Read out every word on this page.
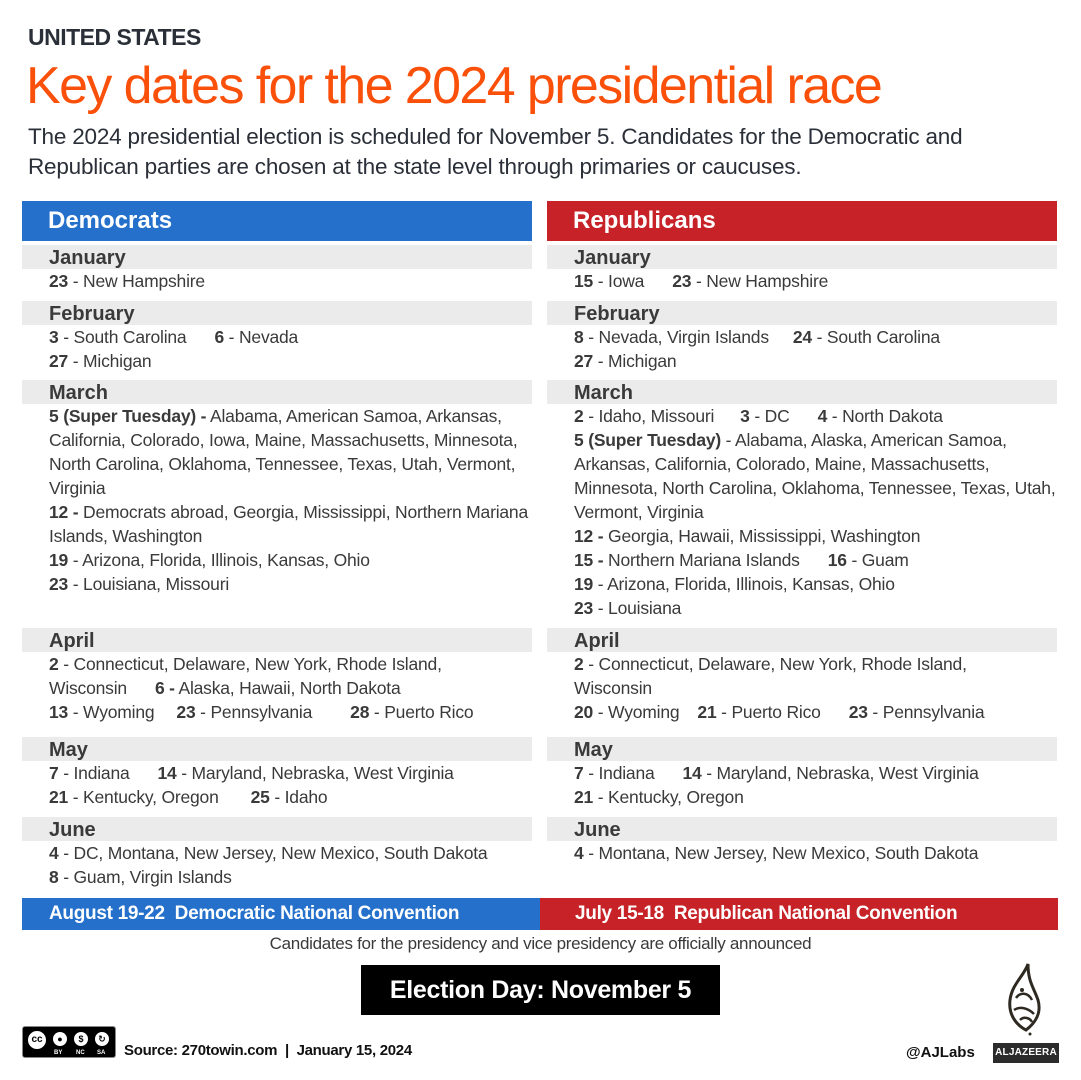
UNITED STATES
Key dates for the 2024 presidential race
The 2024 presidential election is scheduled for November 5. Candidates for the Democratic and Republican parties are chosen at the state level through primaries or caucuses.
Democrats
January
23 - New Hampshire
February
3 - South Carolina 6 - Nevada
27 - Michigan
March
5 (Super Tuesday) - Alabama, American Samoa, Arkansas, California, Colorado, Iowa, Maine, Massachusetts, Minnesota, North Carolina, Oklahoma, Tennessee, Texas, Utah, Vermont, Virginia
12 - Democrats abroad, Georgia, Mississippi, Northern Mariana Islands, Washington
19 - Arizona, Florida, Illinois, Kansas, Ohio
23 - Louisiana, Missouri
April
2 - Connecticut, Delaware, New York, Rhode Island, Wisconsin 6 - Alaska, Hawaii, North Dakota
13 - Wyoming 23 - Pennsylvania 28 - Puerto Rico
May
7 - Indiana 14 - Maryland, Nebraska, West Virginia
21 - Kentucky, Oregon 25 - Idaho
June
4 - DC, Montana, New Jersey, New Mexico, South Dakota
8 - Guam, Virgin Islands
Republicans
January
15 - Iowa 23 - New Hampshire
February
8 - Nevada, Virgin Islands 24 - South Carolina
27 - Michigan
March
2 - Idaho, Missouri 3 - DC 4 - North Dakota
5 (Super Tuesday) - Alabama, Alaska, American Samoa, Arkansas, California, Colorado, Maine, Massachusetts, Minnesota, North Carolina, Oklahoma, Tennessee, Texas, Utah, Vermont, Virginia
12 - Georgia, Hawaii, Mississippi, Washington
15 - Northern Mariana Islands 16 - Guam
19 - Arizona, Florida, Illinois, Kansas, Ohio
23 - Louisiana
April
2 - Connecticut, Delaware, New York, Rhode Island, Wisconsin
20 - Wyoming 21 - Puerto Rico 23 - Pennsylvania
May
7 - Indiana 14 - Maryland, Nebraska, West Virginia
21 - Kentucky, Oregon
June
4 - Montana, New Jersey, New Mexico, South Dakota
August 19-22  Democratic National Convention	July 15-18  Republican National Convention
Candidates for the presidency and vice presidency are officially announced
Election Day: November 5
cc	●	$	↻
BY NC SA Source: 270towin.com  |  January 15, 2024	@AJLabs ALJAZEERA
